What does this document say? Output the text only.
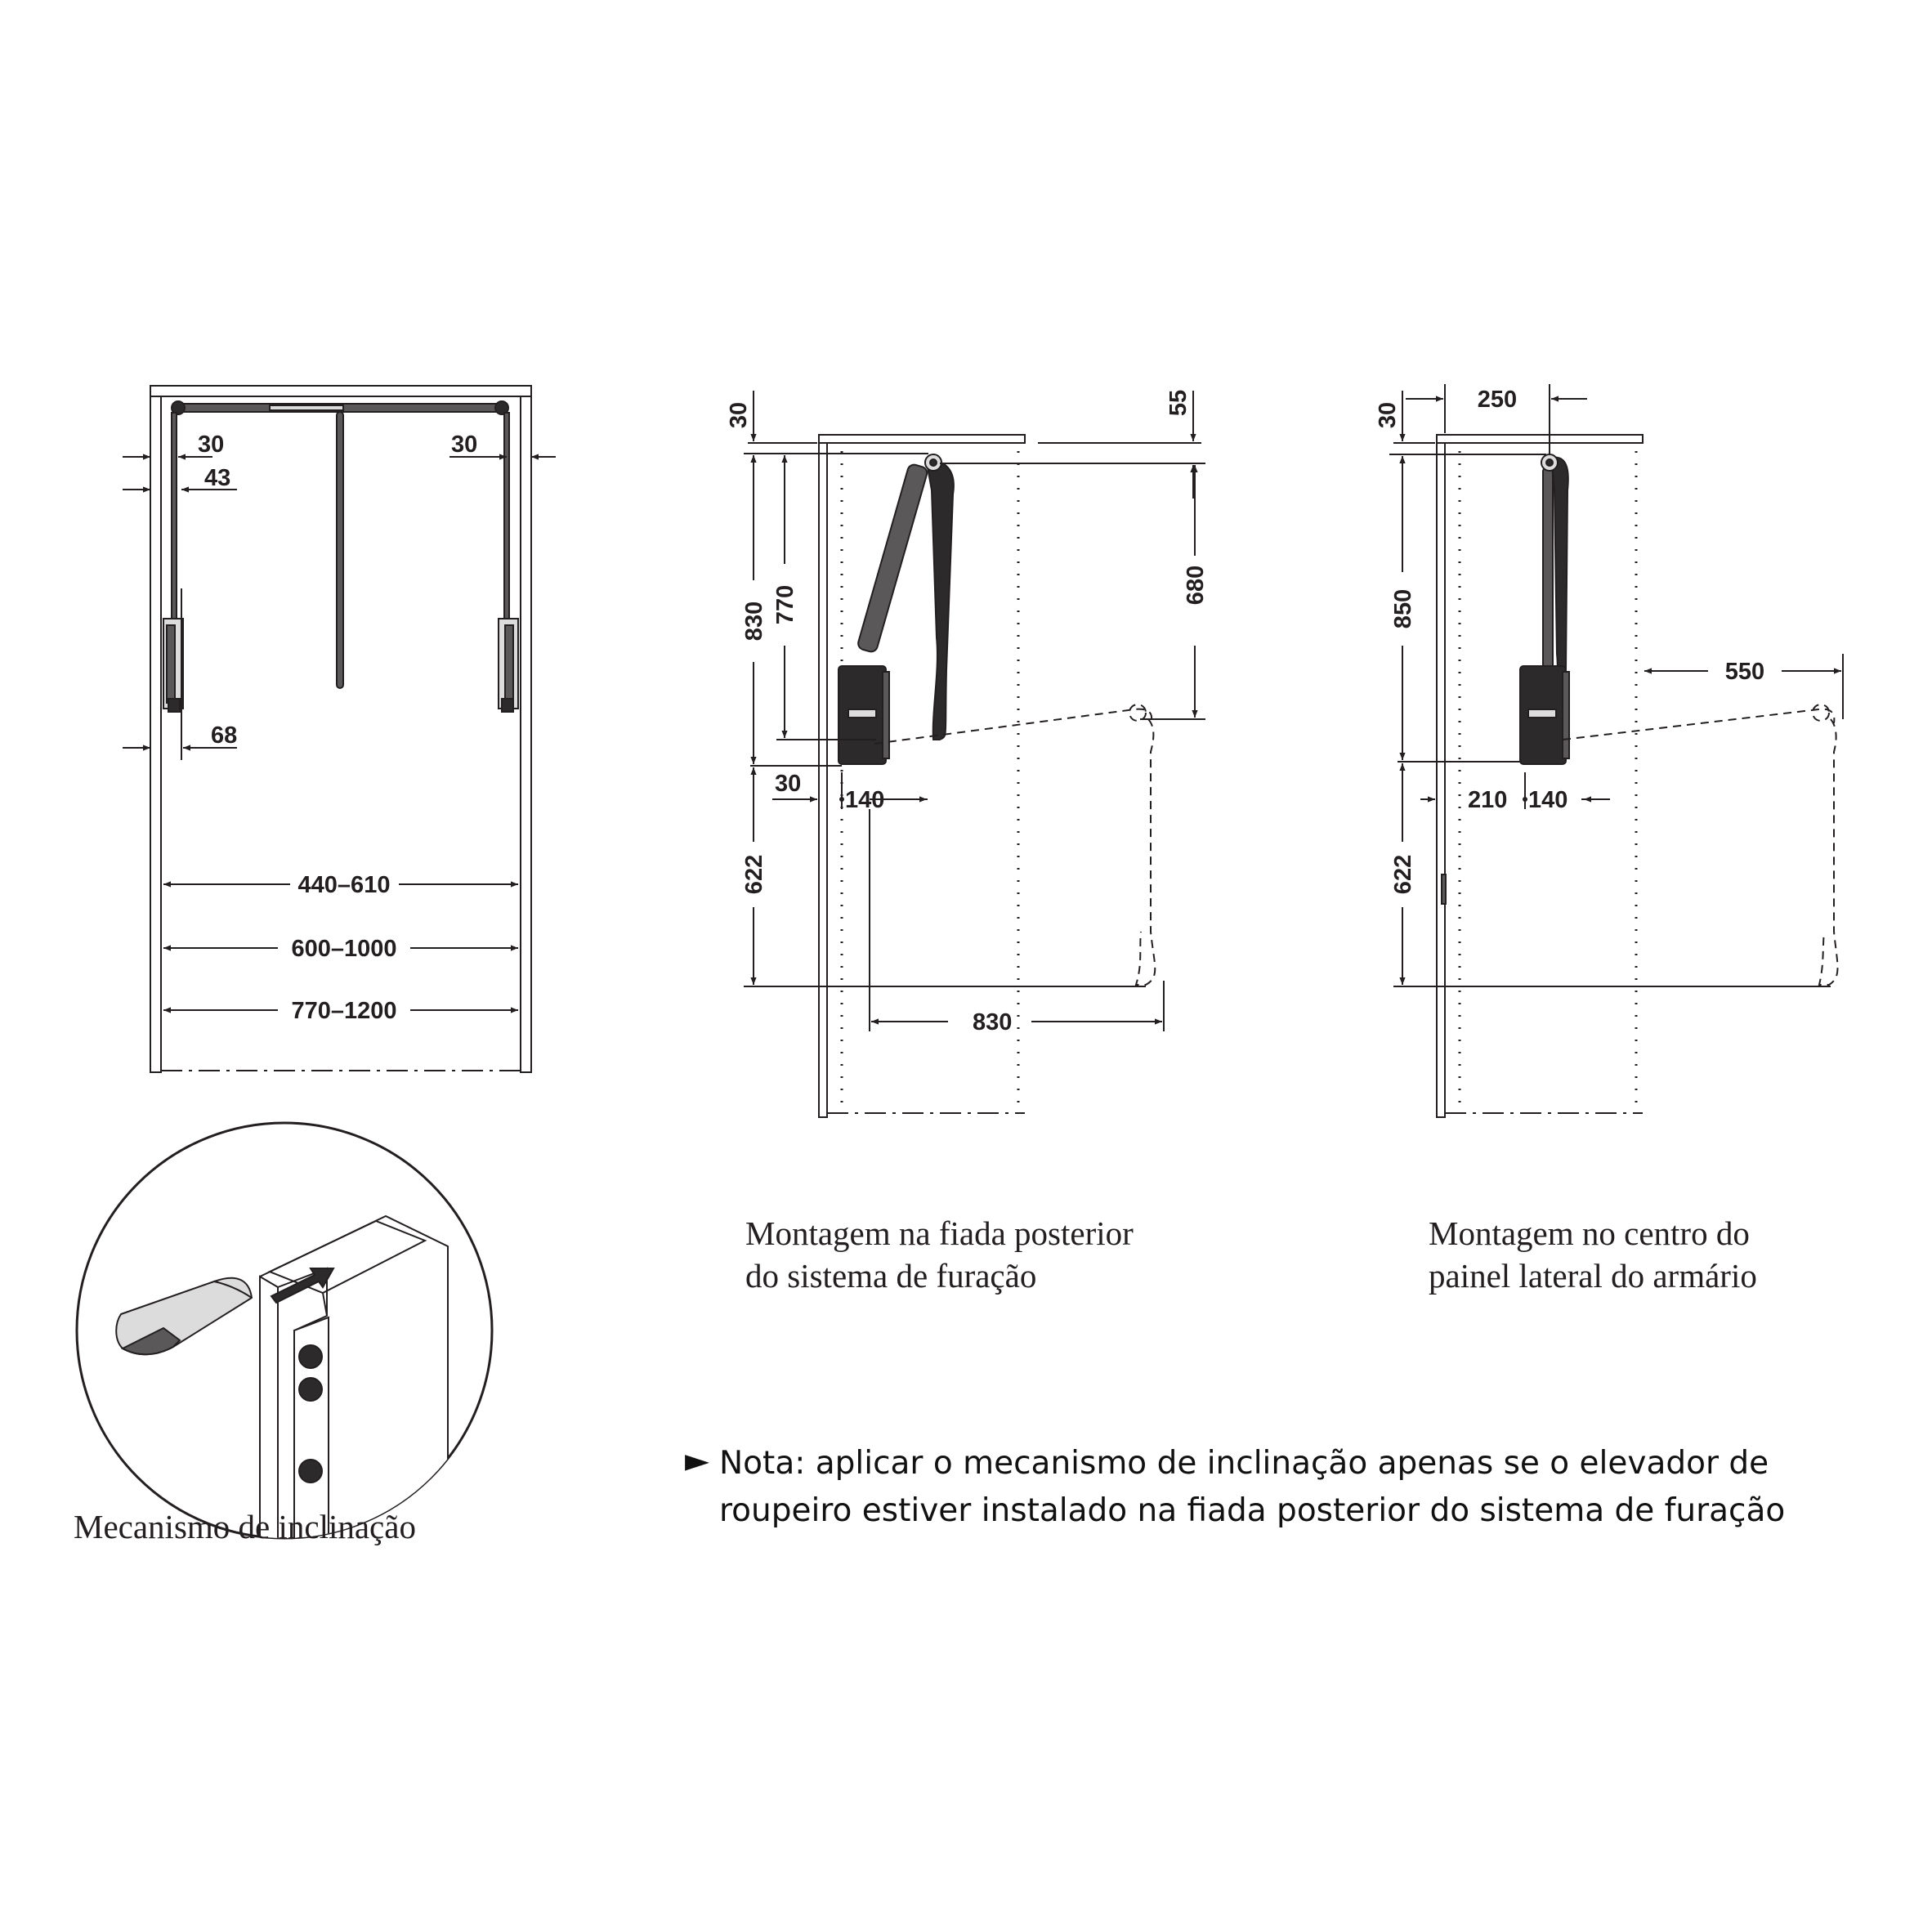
30
43
30
68
440–610
600–1000
770–1200
30	55
830 770	680
622
30
140
830
Montagem na fiada posterior
do sistema de furação
30
250
850
550
622
210 140
Montagem no centro do
painel lateral do armário
Mecanismo de inclinação
► Nota: aplicar o mecanismo de inclinação apenas se o elevador de
roupeiro estiver instalado na fiada posterior do sistema de furação
